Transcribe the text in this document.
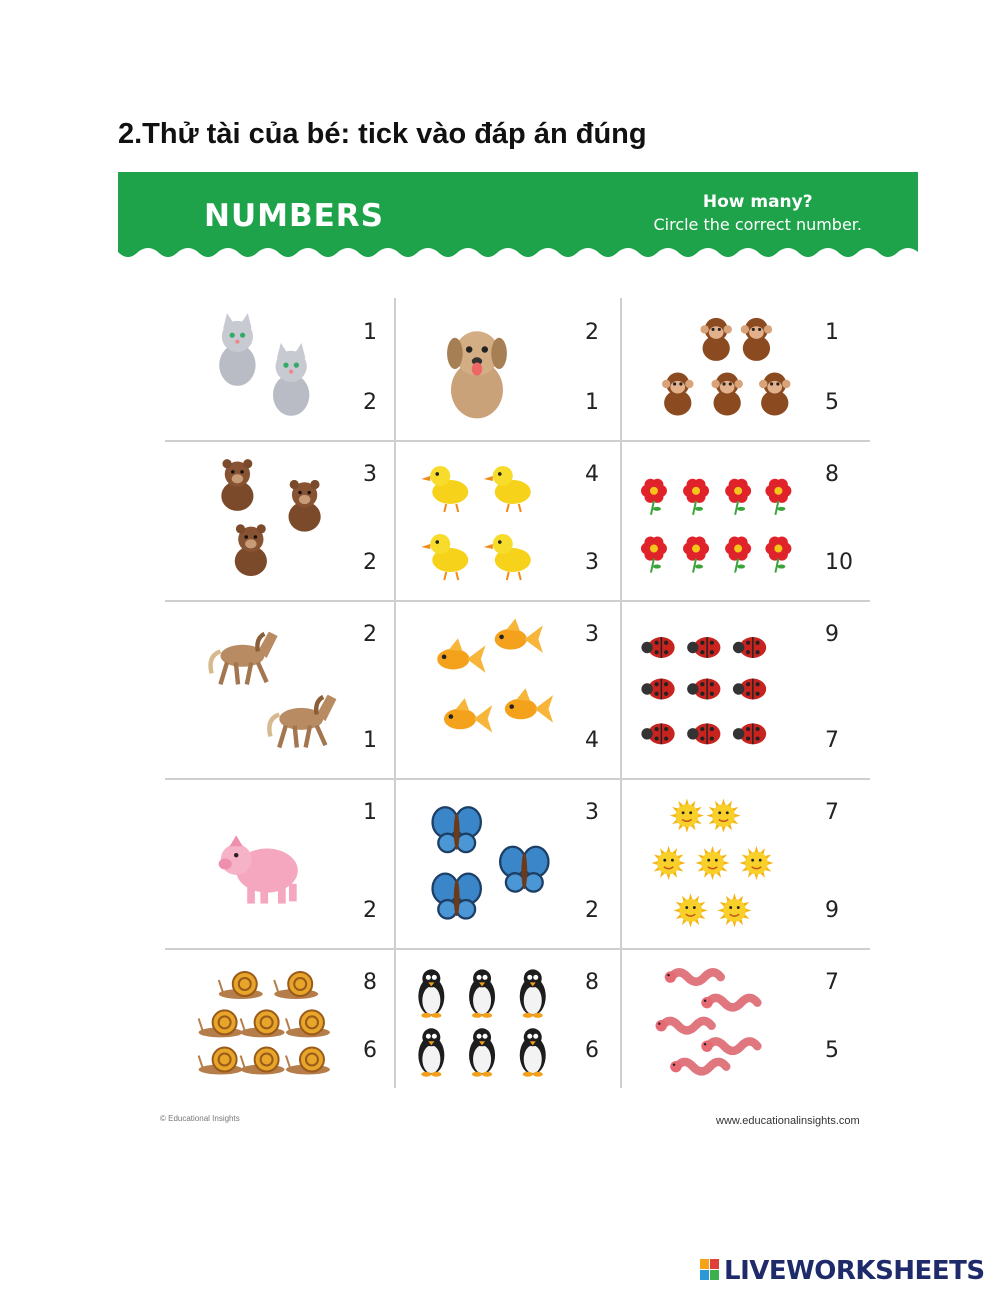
2.Thử tài của bé: tick vào đáp án đúng
NUMBERS	How many?
Circle the correct number.
1
2
2
1
1
5
3
2
4
3
8
10
2
1
3
4
9
7
1
2
3
2
7
9
8
6
8
6
7
5
© Educational Insights	www.educationalinsights.com
LIVEWORKSHEETS
